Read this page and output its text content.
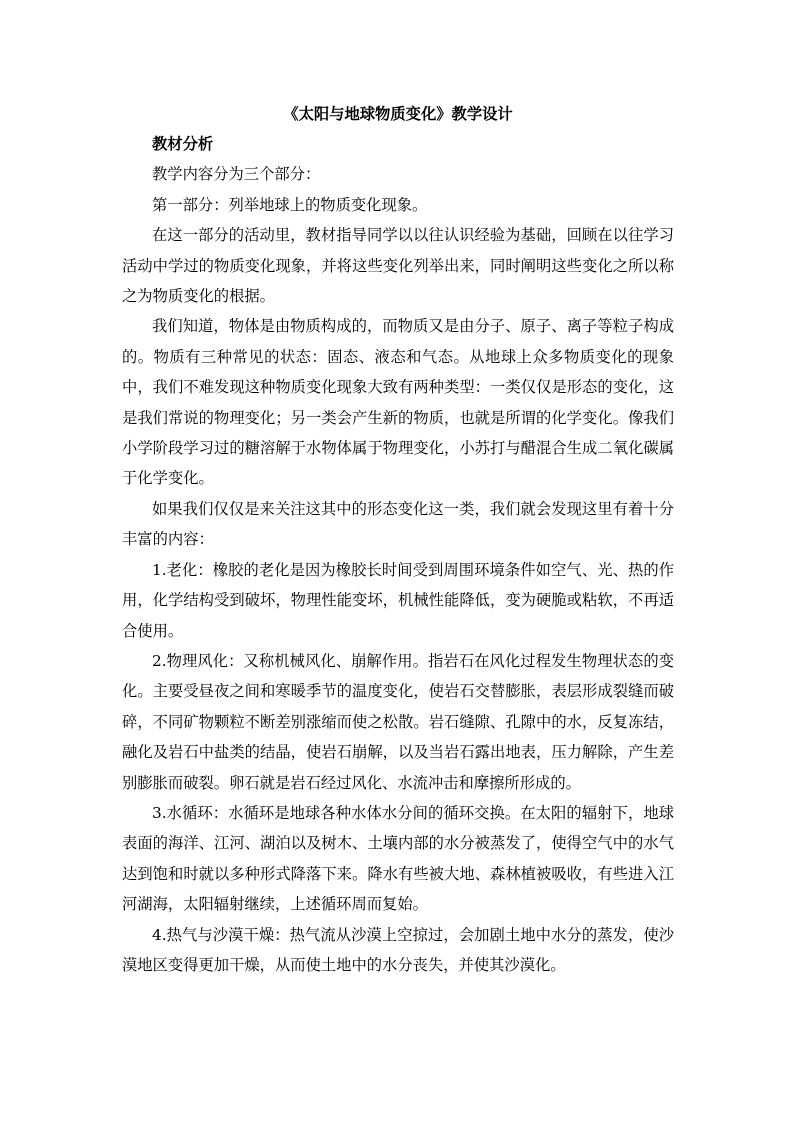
《太阳与地球物质变化》教学设计

教材分析

教学内容分为三个部分：

第一部分：列举地球上的物质变化现象。

在这一部分的活动里，教材指导同学以以往认识经验为基础，回顾在以往学习活动中学过的物质变化现象，并将这些变化列举出来，同时阐明这些变化之所以称之为物质变化的根据。

我们知道，物体是由物质构成的，而物质又是由分子、原子、离子等粒子构成的。物质有三种常见的状态：固态、液态和气态。从地球上众多物质变化的现象中，我们不难发现这种物质变化现象大致有两种类型：一类仅仅是形态的变化，这是我们常说的物理变化；另一类会产生新的物质，也就是所谓的化学变化。像我们小学阶段学习过的糖溶解于水物体属于物理变化，小苏打与醋混合生成二氧化碳属于化学变化。

如果我们仅仅是来关注这其中的形态变化这一类，我们就会发现这里有着十分丰富的内容：

1.老化：橡胶的老化是因为橡胶长时间受到周围环境条件如空气、光、热的作用，化学结构受到破坏，物理性能变坏，机械性能降低，变为硬脆或粘软，不再适合使用。

2.物理风化：又称机械风化、崩解作用。指岩石在风化过程发生物理状态的变化。主要受昼夜之间和寒暖季节的温度变化，使岩石交替膨胀，表层形成裂缝而破碎，不同矿物颗粒不断差别涨缩而使之松散。岩石缝隙、孔隙中的水，反复冻结，融化及岩石中盐类的结晶，使岩石崩解，以及当岩石露出地表，压力解除，产生差别膨胀而破裂。卵石就是岩石经过风化、水流冲击和摩擦所形成的。

3.水循环：水循环是地球各种水体水分间的循环交换。在太阳的辐射下，地球表面的海洋、江河、湖泊以及树木、土壤内部的水分被蒸发了，使得空气中的水气达到饱和时就以多种形式降落下来。降水有些被大地、森林植被吸收，有些进入江河湖海，太阳辐射继续，上述循环周而复始。

4.热气与沙漠干燥：热气流从沙漠上空掠过，会加剧土地中水分的蒸发，使沙漠地区变得更加干燥，从而使土地中的水分丧失，并使其沙漠化。
